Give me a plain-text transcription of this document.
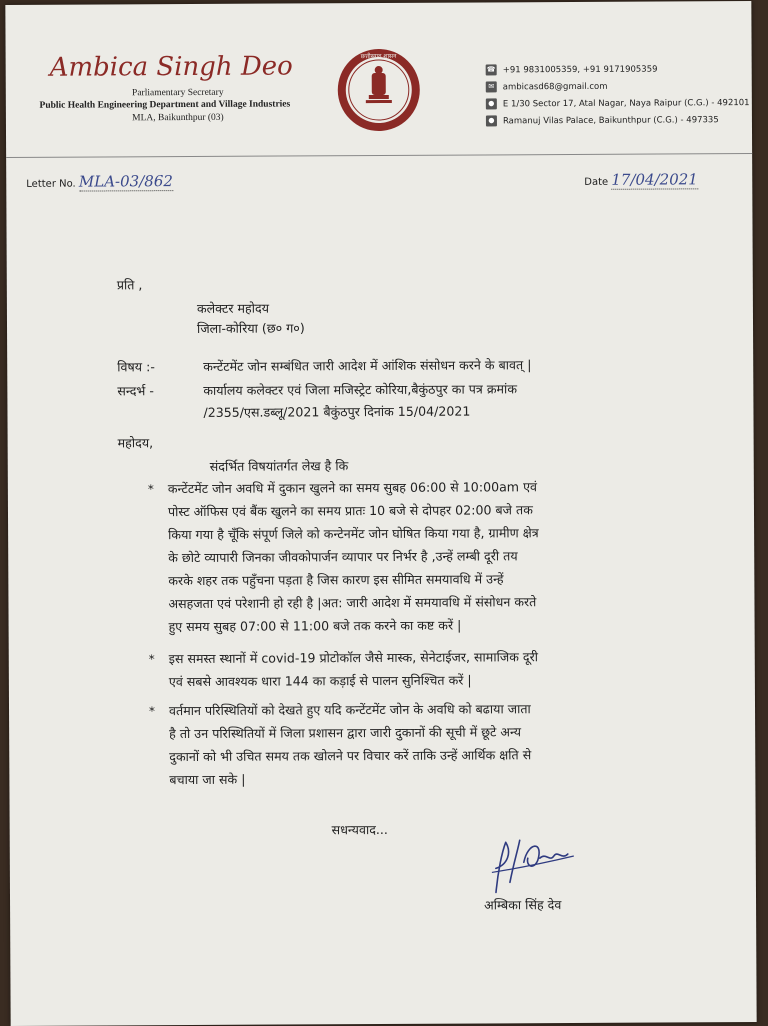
Ambica Singh Deo
Parliamentary Secretary
Public Health Engineering Department and Village Industries
MLA, Baikunthpur (03)
छत्तीसगढ़ शासन
☎ +91 9831005359, +91 9171905359
✉	ambicasd68@gmail.com
● E 1/30 Sector 17, Atal Nagar, Naya Raipur (C.G.) - 492101
● Ramanuj Vilas Palace, Baikunthpur (C.G.) - 497335
Letter No. MLA-03/862	Date 17/04/2021
प्रति ,
कलेक्टर महोदय
जिला-कोरिया (छ० ग०)
विषय :-	कन्टेंटमेंट जोन सम्बंधित जारी आदेश में आंशिक संसोधन करने के बावत् |
सन्दर्भ -	कार्यालय कलेक्टर एवं जिला मजिस्ट्रेट कोरिया,बैकुंठपुर का पत्र क्रमांक
/2355/एस.डब्लू/2021 बैकुंठपुर दिनांक 15/04/2021
महोदय,
संदर्भित विषयांतर्गत लेख है कि
* कन्टेंटमेंट जोन अवधि में दुकान खुलने का समय सुबह 06:00 से 10:00am एवं
पोस्ट ऑफिस एवं बैंक खुलने का समय प्रातः 10 बजे से दोपहर 02:00 बजे तक
किया गया है चूँकि संपूर्ण जिले को कन्टेनमेंट जोन घोषित किया गया है, ग्रामीण क्षेत्र
के छोटे व्यापारी जिनका जीवकोपार्जन व्यापार पर निर्भर है ,उन्हें लम्बी दूरी तय
करके शहर तक पहुँचना पड़ता है जिस कारण इस सीमित समयावधि में उन्हें
असहजता एवं परेशानी हो रही है |अत: जारी आदेश में समयावधि में संसोधन करते
हुए समय सुबह 07:00 से 11:00 बजे तक करने का कष्ट करें |
* इस समस्त स्थानों में covid-19 प्रोटोकॉल जैसे मास्क, सेनेटाईजर, सामाजिक दूरी
एवं सबसे आवश्यक धारा 144 का कड़ाई से पालन सुनिश्चित करें |
* वर्तमान परिस्थितियों को देखते हुए यदि कन्टेंटमेंट जोन के अवधि को बढाया जाता
है तो उन परिस्थितियों में जिला प्रशासन द्वारा जारी दुकानों की सूची में छूटे अन्य
दुकानों को भी उचित समय तक खोलने पर विचार करें ताकि उन्हें आर्थिक क्षति से
बचाया जा सके |
सधन्यवाद...
अम्बिका सिंह देव
